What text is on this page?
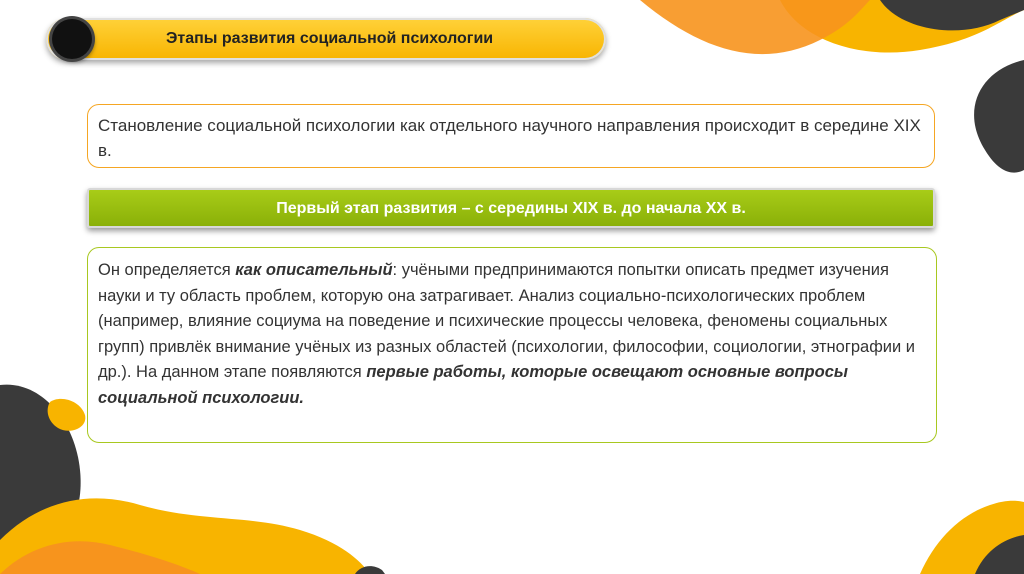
Этапы развития социальной психологии
Становление социальной психологии как отдельного научного направления происходит в середине XIX в.
Первый этап развития – с середины XIX в. до начала XX в.
Он определяется как описательный: учёными предпринимаются попытки описать предмет изучения науки и ту область проблем, которую она затрагивает. Анализ социально-психологических проблем (например, влияние социума на поведение и психические процессы человека, феномены социальных групп) привлёк внимание учёных из разных областей (психологии, философии, социологии, этнографии и др.). На данном этапе появляются первые работы, которые освещают основные вопросы социальной психологии.
